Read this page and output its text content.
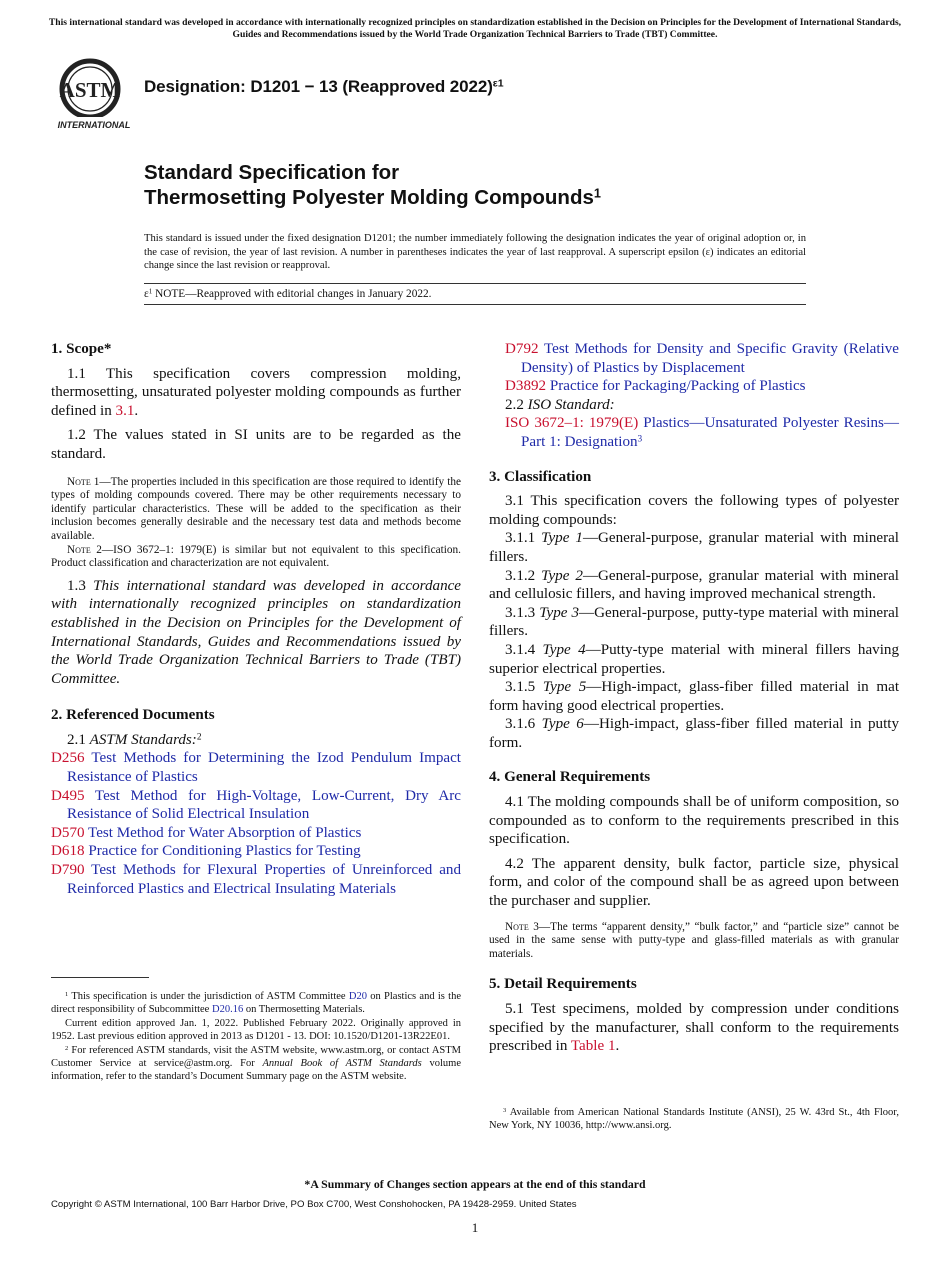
This international standard was developed in accordance with internationally recognized principles on standardization established in the Decision on Principles for the Development of International Standards, Guides and Recommendations issued by the World Trade Organization Technical Barriers to Trade (TBT) Committee.
ASTM
INTERNATIONAL
Designation: D1201 − 13 (Reapproved 2022)$^{\varepsilon 1}$
Standard Specification for
Thermosetting Polyester Molding Compounds$^1$
This standard is issued under the fixed designation D1201; the number immediately following the designation indicates the year of original adoption or, in the case of revision, the year of last revision. A number in parentheses indicates the year of last reapproval. A superscript epsilon (ε) indicates an editorial change since the last revision or reapproval.
$\varepsilon^1$ NOTE—Reapproved with editorial changes in January 2022.
1. Scope*
1.1 This specification covers compression molding, thermosetting, unsaturated polyester molding compounds as further defined in 3.1.
1.2 The values stated in SI units are to be regarded as the standard.
Note 1—The properties included in this specification are those required to identify the types of molding compounds covered. There may be other requirements necessary to identify particular characteristics. These will be added to the specification as their inclusion becomes generally desirable and the necessary test data and methods become available.
Note 2—ISO 3672–1: 1979(E) is similar but not equivalent to this specification. Product classification and characterization are not equivalent.
1.3 This international standard was developed in accordance with internationally recognized principles on standardization established in the Decision on Principles for the Development of International Standards, Guides and Recommendations issued by the World Trade Organization Technical Barriers to Trade (TBT) Committee.
2. Referenced Documents
2.1 ASTM Standards:$^2$
D256 Test Methods for Determining the Izod Pendulum Impact Resistance of Plastics
D495 Test Method for High-Voltage, Low-Current, Dry Arc Resistance of Solid Electrical Insulation
D570 Test Method for Water Absorption of Plastics
D618 Practice for Conditioning Plastics for Testing
D790 Test Methods for Flexural Properties of Unreinforced and Reinforced Plastics and Electrical Insulating Materials
$^1$ This specification is under the jurisdiction of ASTM Committee D20 on Plastics and is the direct responsibility of Subcommittee D20.16 on Thermosetting Materials.
Current edition approved Jan. 1, 2022. Published February 2022. Originally approved in 1952. Last previous edition approved in 2013 as D1201 - 13. DOI: 10.1520/D1201-13R22E01.
$^2$ For referenced ASTM standards, visit the ASTM website, www.astm.org, or contact ASTM Customer Service at service@astm.org. For Annual Book of ASTM Standards volume information, refer to the standard’s Document Summary page on the ASTM website.
D792 Test Methods for Density and Specific Gravity (Relative Density) of Plastics by Displacement
D3892 Practice for Packaging/Packing of Plastics
2.2 ISO Standard:
ISO 3672–1: 1979(E) Plastics—Unsaturated Polyester Resins—Part 1: Designation$^3$
3. Classification
3.1 This specification covers the following types of polyester molding compounds:
3.1.1 Type 1—General-purpose, granular material with mineral fillers.
3.1.2 Type 2—General-purpose, granular material with mineral and cellulosic fillers, and having improved mechanical strength.
3.1.3 Type 3—General-purpose, putty-type material with mineral fillers.
3.1.4 Type 4—Putty-type material with mineral fillers having superior electrical properties.
3.1.5 Type 5—High-impact, glass-fiber filled material in mat form having good electrical properties.
3.1.6 Type 6—High-impact, glass-fiber filled material in putty form.
4. General Requirements
4.1 The molding compounds shall be of uniform composition, so compounded as to conform to the requirements prescribed in this specification.
4.2 The apparent density, bulk factor, particle size, physical form, and color of the compound shall be as agreed upon between the purchaser and supplier.
Note 3—The terms “apparent density,” “bulk factor,” and “particle size” cannot be used in the same sense with putty-type and glass-filled materials as with granular materials.
5. Detail Requirements
5.1 Test specimens, molded by compression under conditions specified by the manufacturer, shall conform to the requirements prescribed in Table 1.
$^3$ Available from American National Standards Institute (ANSI), 25 W. 43rd St., 4th Floor, New York, NY 10036, http://www.ansi.org.
*A Summary of Changes section appears at the end of this standard
Copyright © ASTM International, 100 Barr Harbor Drive, PO Box C700, West Conshohocken, PA 19428-2959. United States
1
